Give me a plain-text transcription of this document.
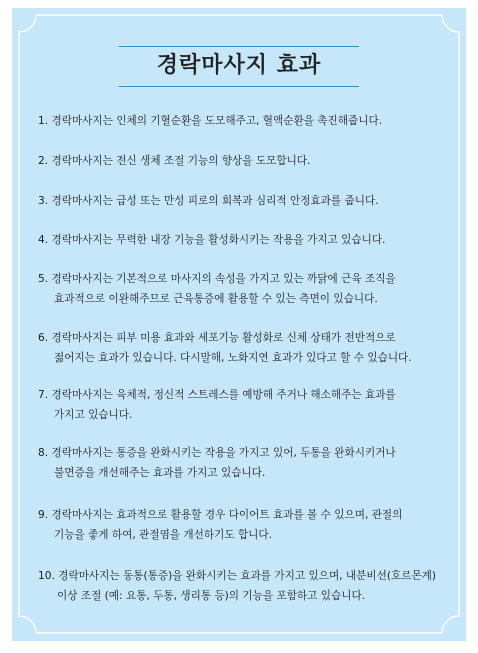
경락마사지 효과
1. 경락마사지는 인체의 기혈순환을 도모해주고, 혈액순환을 촉진해줍니다.
2. 경락마사지는 전신 생체 조절 기능의 향상을 도모합니다.
3. 경락마사지는 급성 또는 만성 피로의 회복과 심리적 안정효과를 줍니다.
4. 경락마사지는 무력한 내장 기능을 활성화시키는 작용을 가지고 있습니다.
5. 경락마사지는 기본적으로 마사지의 속성을 가지고 있는 까닭에 근육 조직을
효과적으로 이완해주므로 근육통증에 활용할 수 있는 측면이 있습니다.
6. 경락마사지는 피부 미용 효과와 세포기능 활성화로 신체 상태가 전반적으로
젊어지는 효과가 있습니다. 다시말해, 노화지연 효과가 있다고 할 수 있습니다.
7. 경락마사지는 육체적, 정신적 스트레스를 예방해 주거나 해소해주는 효과를
가지고 있습니다.
8. 경락마사지는 통증을 완화시키는 작용을 가지고 있어, 두통을 완화시키거나
불면증을 개선해주는 효과를 가지고 있습니다.
9. 경락마사지는 효과적으로 활용할 경우 다이어트 효과를 볼 수 있으며, 관절의
기능을 좋게 하여, 관절염을 개선하기도 합니다.
10. 경락마사지는 동통(통증)을 완화시키는 효과를 가지고 있으며, 내분비선(호르몬계)
이상 조절 (예: 요통, 두통, 생리통 등)의 기능을 포함하고 있습니다.
